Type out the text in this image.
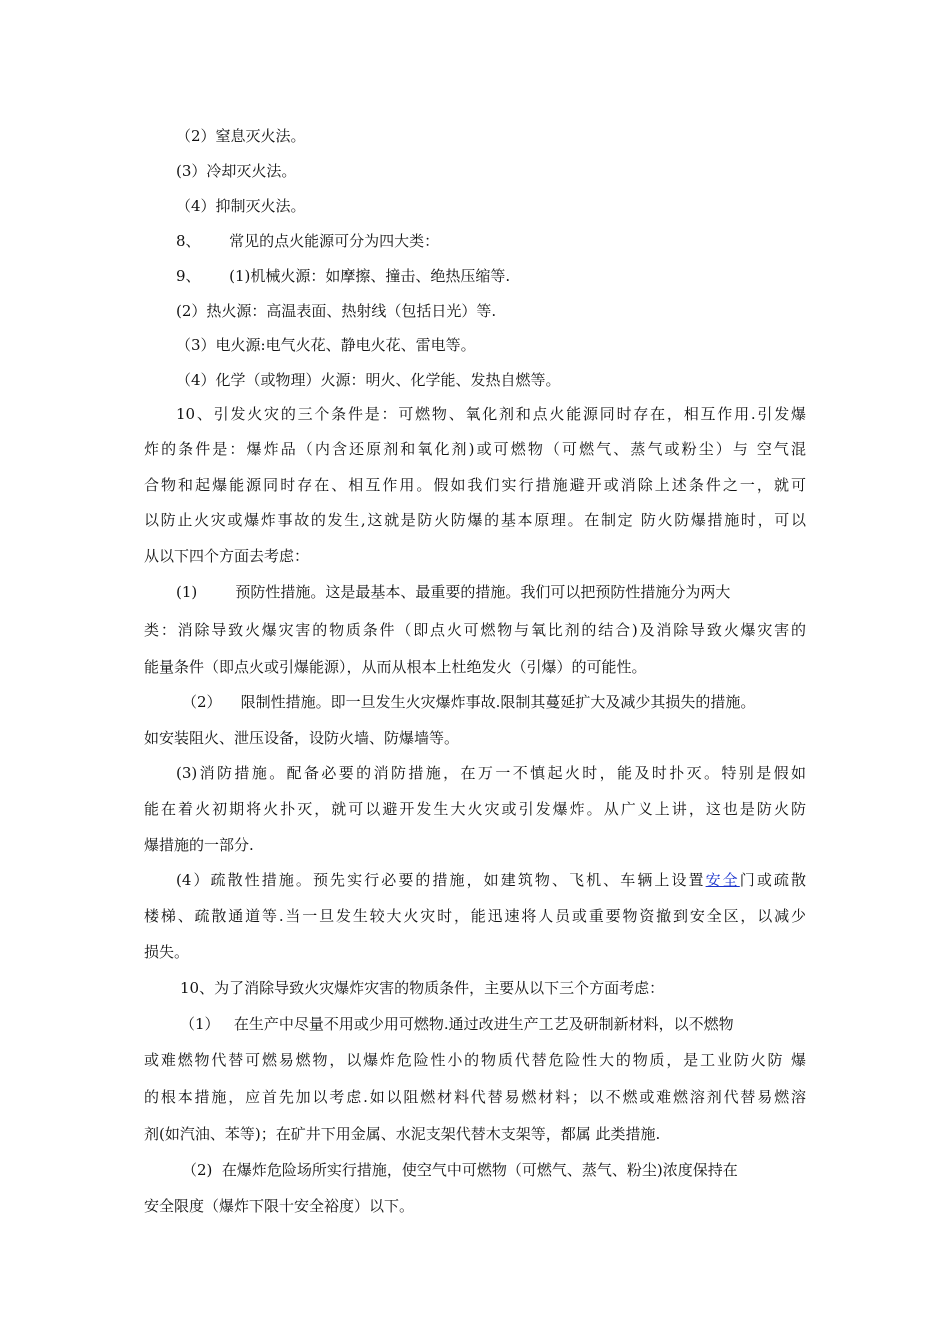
（2）窒息灭火法。
(3）冷却灭火法。
（4）抑制灭火法。
8、      常见的点火能源可分为四大类：
9、      (1)机械火源：如摩擦、撞击、绝热压缩等.
(2）热火源：高温表面、热射线（包括日光）等.
（3）电火源:电气火花、静电火花、雷电等。
（4）化学（或物理）火源：明火、化学能、发热自燃等。
10、引发火灾的三个条件是：可燃物、氧化剂和点火能源同时存在，相互作用.引发爆
炸的条件是：爆炸品（内含还原剂和氧化剂)或可燃物（可燃气、蒸气或粉尘）与 空气混
合物和起爆能源同时存在、相互作用。假如我们实行措施避开或消除上述条件之一，就可
以防止火灾或爆炸事故的发生,这就是防火防爆的基本原理。在制定 防火防爆措施时，可以
从以下四个方面去考虑：
(1)        预防性措施。这是最基本、最重要的措施。我们可以把预防性措施分为两大
类：消除导致火爆灾害的物质条件（即点火可燃物与氧比剂的结合)及消除导致火爆灾害的
能量条件（即点火或引爆能源），从而从根本上杜绝发火（引爆）的可能性。
（2）    限制性措施。即一旦发生火灾爆炸事故.限制其蔓延扩大及减少其损失的措施。
如安装阻火、泄压设备，设防火墙、防爆墙等。
(3)消防措施。配备必要的消防措施，在万一不慎起火时，能及时扑灭。特别是假如
能在着火初期将火扑灭，就可以避开发生大火灾或引发爆炸。从广义上讲，这也是防火防
爆措施的一部分.
(4）疏散性措施。预先实行必要的措施，如建筑物、飞机、车辆上设置安全门或疏散
楼梯、疏散通道等.当一旦发生较大火灾时，能迅速将人员或重要物资撤到安全区，以减少
损失。
10、为了消除导致火灾爆炸灾害的物质条件，主要从以下三个方面考虑：
（1）   在生产中尽量不用或少用可燃物.通过改进生产工艺及研制新材料，以不燃物
或难燃物代替可燃易燃物，以爆炸危险性小的物质代替危险性大的物质，是工业防火防 爆
的根本措施，应首先加以考虑.如以阻燃材料代替易燃材料；以不燃或难燃溶剂代替易燃溶
剂(如汽油、苯等)；在矿井下用金属、水泥支架代替木支架等，都属 此类措施.
（2)  在爆炸危险场所实行措施，使空气中可燃物（可燃气、蒸气、粉尘)浓度保持在
安全限度（爆炸下限十安全裕度）以下。
